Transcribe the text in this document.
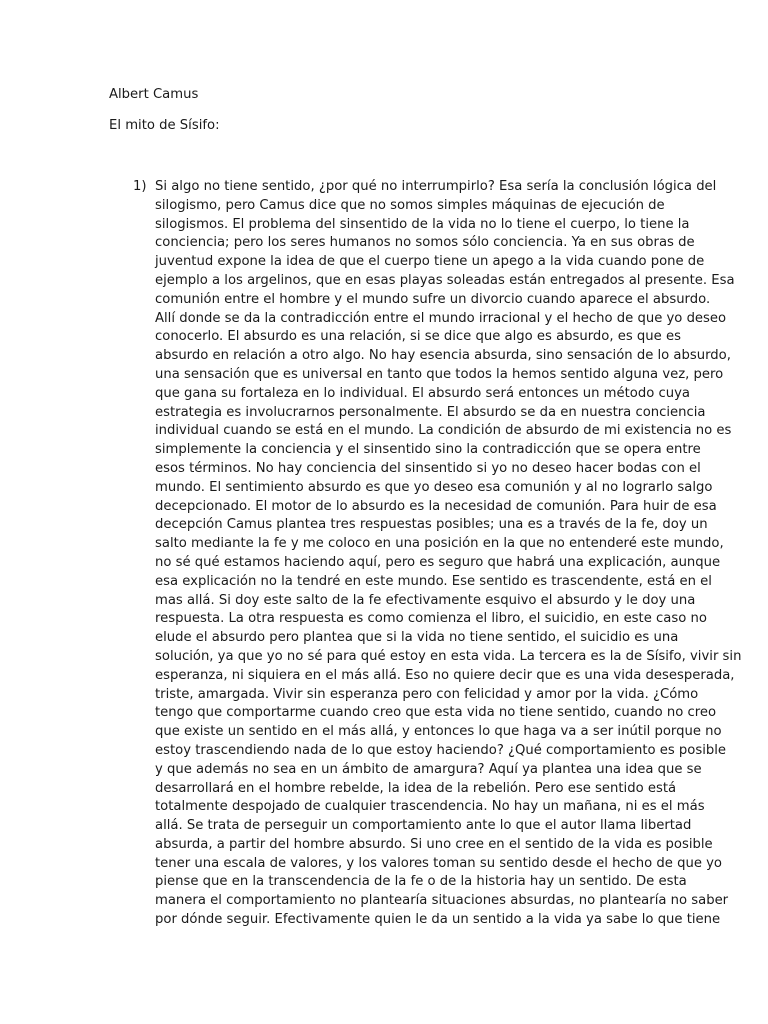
Albert Camus
El mito de Sísifo:
1) Si algo no tiene sentido, ¿por qué no interrumpirlo? Esa sería la conclusión lógica del
silogismo, pero Camus dice que no somos simples máquinas de ejecución de
silogismos. El problema del sinsentido de la vida no lo tiene el cuerpo, lo tiene la
conciencia; pero los seres humanos no somos sólo conciencia. Ya en sus obras de
juventud expone la idea de que el cuerpo tiene un apego a la vida cuando pone de
ejemplo a los argelinos, que en esas playas soleadas están entregados al presente. Esa
comunión entre el hombre y el mundo sufre un divorcio cuando aparece el absurdo.
Allí donde se da la contradicción entre el mundo irracional y el hecho de que yo deseo
conocerlo. El absurdo es una relación, si se dice que algo es absurdo, es que es
absurdo en relación a otro algo. No hay esencia absurda, sino sensación de lo absurdo,
una sensación que es universal en tanto que todos la hemos sentido alguna vez, pero
que gana su fortaleza en lo individual. El absurdo será entonces un método cuya
estrategia es involucrarnos personalmente. El absurdo se da en nuestra conciencia
individual cuando se está en el mundo. La condición de absurdo de mi existencia no es
simplemente la conciencia y el sinsentido sino la contradicción que se opera entre
esos términos. No hay conciencia del sinsentido si yo no deseo hacer bodas con el
mundo. El sentimiento absurdo es que yo deseo esa comunión y al no lograrlo salgo
decepcionado. El motor de lo absurdo es la necesidad de comunión. Para huir de esa
decepción Camus plantea tres respuestas posibles; una es a través de la fe, doy un
salto mediante la fe y me coloco en una posición en la que no entenderé este mundo,
no sé qué estamos haciendo aquí, pero es seguro que habrá una explicación, aunque
esa explicación no la tendré en este mundo. Ese sentido es trascendente, está en el
mas allá. Si doy este salto de la fe efectivamente esquivo el absurdo y le doy una
respuesta. La otra respuesta es como comienza el libro, el suicidio, en este caso no
elude el absurdo pero plantea que si la vida no tiene sentido, el suicidio es una
solución, ya que yo no sé para qué estoy en esta vida. La tercera es la de Sísifo, vivir sin
esperanza, ni siquiera en el más allá. Eso no quiere decir que es una vida desesperada,
triste, amargada. Vivir sin esperanza pero con felicidad y amor por la vida. ¿Cómo
tengo que comportarme cuando creo que esta vida no tiene sentido, cuando no creo
que existe un sentido en el más allá, y entonces lo que haga va a ser inútil porque no
estoy trascendiendo nada de lo que estoy haciendo? ¿Qué comportamiento es posible
y que además no sea en un ámbito de amargura? Aquí ya plantea una idea que se
desarrollará en el hombre rebelde, la idea de la rebelión. Pero ese sentido está
totalmente despojado de cualquier trascendencia. No hay un mañana, ni es el más
allá. Se trata de perseguir un comportamiento ante lo que el autor llama libertad
absurda, a partir del hombre absurdo. Si uno cree en el sentido de la vida es posible
tener una escala de valores, y los valores toman su sentido desde el hecho de que yo
piense que en la transcendencia de la fe o de la historia hay un sentido. De esta
manera el comportamiento no plantearía situaciones absurdas, no plantearía no saber
por dónde seguir. Efectivamente quien le da un sentido a la vida ya sabe lo que tiene
